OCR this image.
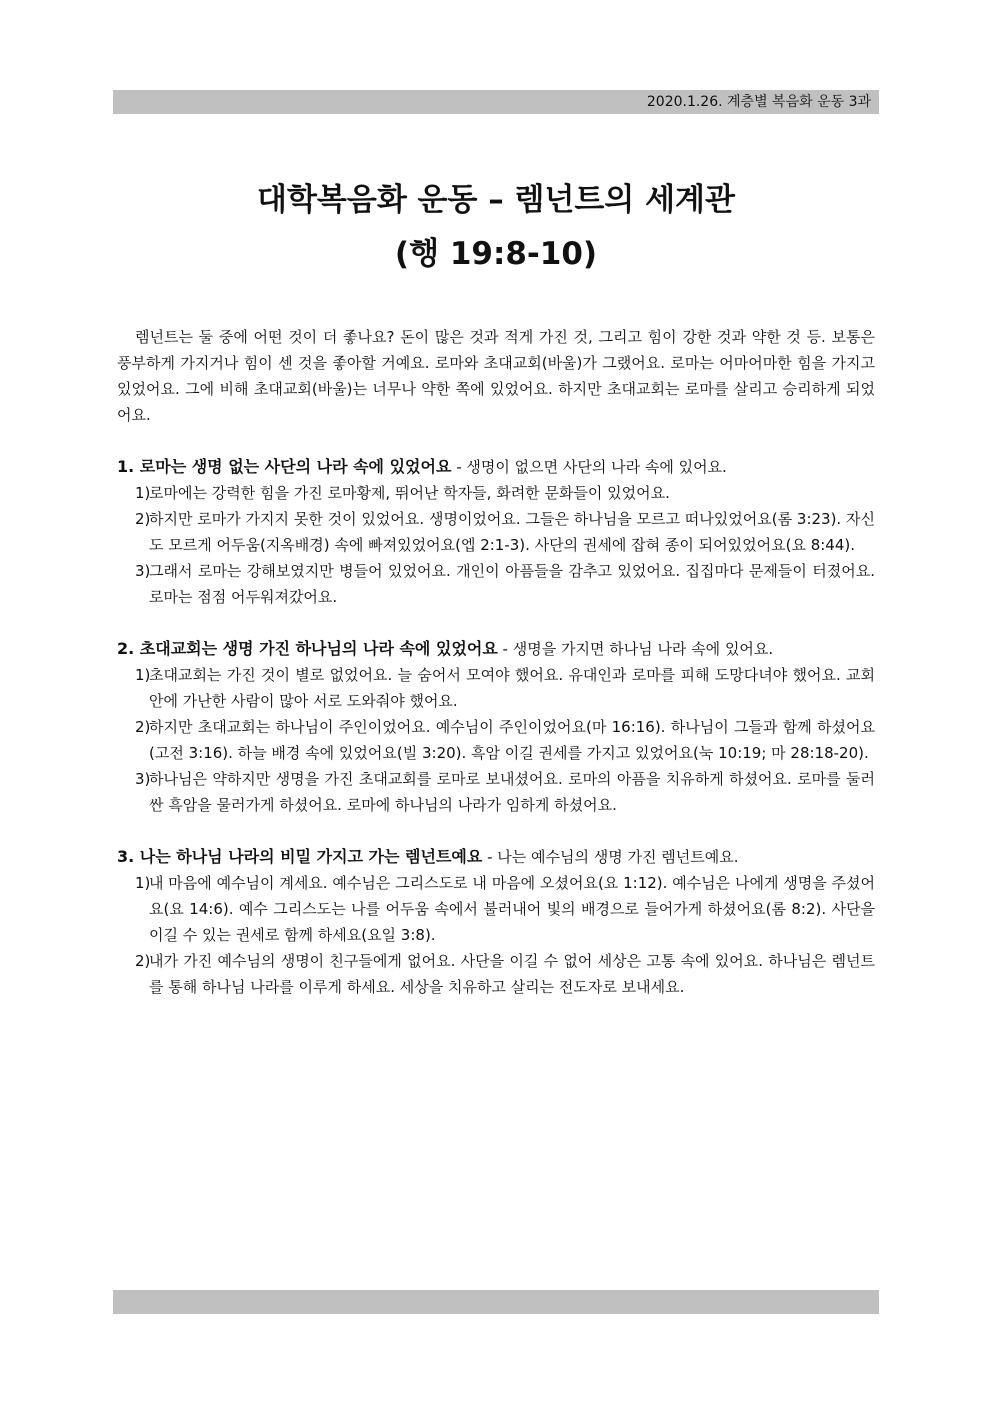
2020.1.26. 계층별 복음화 운동 3과
대학복음화 운동 – 렘넌트의 세계관
(행 19:8-10)

렘넌트는 둘 중에 어떤 것이 더 좋나요? 돈이 많은 것과 적게 가진 것, 그리고 힘이 강한 것과 약한 것 등. 보통은 풍부하게 가지거나 힘이 센 것을 좋아할 거예요. 로마와 초대교회(바울)가 그랬어요. 로마는 어마어마한 힘을 가지고 있었어요. 그에 비해 초대교회(바울)는 너무나 약한 쪽에 있었어요. 하지만 초대교회는 로마를 살리고 승리하게 되었어요.

1. 로마는 생명 없는 사단의 나라 속에 있었어요 - 생명이 없으면 사단의 나라 속에 있어요.

1)
로마에는 강력한 힘을 가진 로마황제, 뛰어난 학자들, 화려한 문화들이 있었어요.
2)
하지만 로마가 가지지 못한 것이 있었어요. 생명이었어요. 그들은 하나님을 모르고 떠나있었어요(롬 3:23). 자신도 모르게 어두움(지옥배경) 속에 빠져있었어요(엡 2:1-3). 사단의 권세에 잡혀 종이 되어있었어요(요 8:44).
3)
그래서 로마는 강해보였지만 병들어 있었어요. 개인이 아픔들을 감추고 있었어요. 집집마다 문제들이 터졌어요. 로마는 점점 어두워져갔어요.

2. 초대교회는 생명 가진 하나님의 나라 속에 있었어요 - 생명을 가지면 하나님 나라 속에 있어요.

1)
초대교회는 가진 것이 별로 없었어요. 늘 숨어서 모여야 했어요. 유대인과 로마를 피해 도망다녀야 했어요. 교회 안에 가난한 사람이 많아 서로 도와줘야 했어요.
2)
하지만 초대교회는 하나님이 주인이었어요. 예수님이 주인이었어요(마 16:16). 하나님이 그들과 함께 하셨어요(고전 3:16). 하늘 배경 속에 있었어요(빌 3:20). 흑암 이길 권세를 가지고 있었어요(눅 10:19; 마 28:18-20).
3)
하나님은 약하지만 생명을 가진 초대교회를 로마로 보내셨어요. 로마의 아픔을 치유하게 하셨어요. 로마를 둘러싼 흑암을 물러가게 하셨어요. 로마에 하나님의 나라가 임하게 하셨어요.

3. 나는 하나님 나라의 비밀 가지고 가는 렘넌트예요 - 나는 예수님의 생명 가진 렘넌트예요.

1)
내 마음에 예수님이 계세요. 예수님은 그리스도로 내 마음에 오셨어요(요 1:12). 예수님은 나에게 생명을 주셨어요(요 14:6). 예수 그리스도는 나를 어두움 속에서 불러내어 빛의 배경으로 들어가게 하셨어요(롬 8:2). 사단을 이길 수 있는 권세로 함께 하세요(요일 3:8).
2)
내가 가진 예수님의 생명이 친구들에게 없어요. 사단을 이길 수 없어 세상은 고통 속에 있어요. 하나님은 렘넌트를 통해 하나님 나라를 이루게 하세요. 세상을 치유하고 살리는 전도자로 보내세요.
